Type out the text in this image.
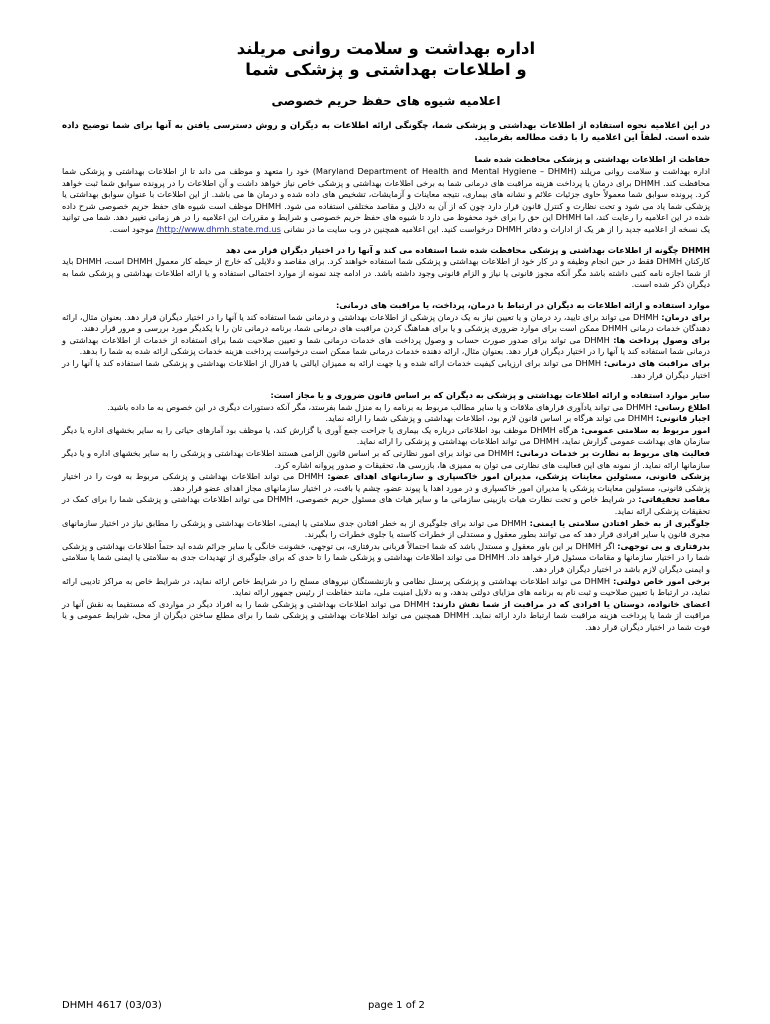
اداره بهداشت و سلامت روانی مریلند
و اطلاعات بهداشتی و پزشکی شما
اعلامیه شیوه های حفظ حریم خصوصی

در این اعلامیه نحوه استفاده از اطلاعات بهداشتی و پزشکی شما، چگونگی ارائه اطلاعات به دیگران و روش دسترسی یافتن به آنها برای شما توضیح داده شده است. لطفاً این اعلامیه را با دقت مطالعه بفرمایید.

حفاظت از اطلاعات بهداشتی و پزشکی محافظت شده شما

اداره بهداشت و سلامت روانی مریلند (Maryland Department of Health and Mental Hygiene – DHMH) خود را متعهد و موظف می داند تا از اطلاعات بهداشتی و پزشکی شما محافظت کند. DHMH برای درمان یا پرداخت هزینه مراقبت های درمانی شما به برخی اطلاعات بهداشتی و پزشکی خاص نیاز خواهد داشت و آن اطلاعات را در پرونده سوابق شما ثبت خواهد کرد. پرونده سوابق شما معمولاً حاوی جزئیات علائم و نشانه های بیماری، نتیجه معاینات و آزمایشات، تشخیص های داده شده و درمان ها می باشد. از این اطلاعات با عنوان سوابق بهداشتی یا پزشکی شما یاد می شود و تحت نظارت و کنترل قانون قرار دارد چون که از آن به دلایل و مقاصد مختلفی استفاده می شود. DHMH موظف است شیوه های حفظ حریم خصوصی شرح داده شده در این اعلامیه را رعایت کند، اما DHMH این حق را برای خود محفوظ می دارد تا شیوه های حفظ حریم خصوصی و شرایط و مقررات این اعلامیه را در هر زمانی تغییر دهد. شما می توانید یک نسخه از اعلامیه جدید را از هر یک از ادارات و دفاتر DHMH درخواست کنید. این اعلامیه همچنین در وب سایت ما در نشانی http://www.dhmh.state.md.us/ موجود است.

DHMH چگونه از اطلاعات بهداشتی و پزشکی محافظت شده شما استفاده می کند و آنها را در اختیار دیگران قرار می دهد

کارکنان DHMH فقط در حین انجام وظیفه و در کار خود از اطلاعات بهداشتی و پزشکی شما استفاده خواهند کرد. برای مقاصد و دلایلی که خارج از حیطه کار معمول DHMH است، DHMH باید از شما اجازه نامه کتبی داشته باشد مگر آنکه مجوز قانونی یا نیاز و الزام قانونی وجود داشته باشد. در ادامه چند نمونه از موارد احتمالی استفاده و یا ارائه اطلاعات بهداشتی و پزشکی شما به دیگران ذکر شده است.

موارد استفاده و ارائه اطلاعات به دیگران در ارتباط با درمان، پرداخت، یا مراقبت های درمانی:

برای درمان: DHMH می تواند برای تایید، رد درمان و یا تعیین نیاز به یک درمان پزشکی از اطلاعات بهداشتی و درمانی شما استفاده کند یا آنها را در اختیار دیگران قرار دهد. بعنوان مثال، ارائه دهندگان خدمات درمانی DHMH ممکن است برای موارد ضروری پزشکی و یا برای هماهنگ کردن مراقبت های درمانی شما، برنامه درمانی تان را با یکدیگر مورد بررسی و مرور قرار دهند.

برای وصول پرداخت ها: DHMH می تواند برای صدور صورت حساب و وصول پرداخت های خدمات درمانی شما و تعیین صلاحیت شما برای استفاده از خدمات از اطلاعات بهداشتی و درمانی شما استفاده کند یا آنها را در اختیار دیگران قرار دهد. بعنوان مثال، ارائه دهنده خدمات درمانی شما ممکن است درخواست پرداخت هزینه خدمات پزشکی ارائه شده به شما را بدهد.

برای مراقبت های درمانی: DHMH می تواند برای ارزیابی کیفیت خدمات ارائه شده و یا جهت ارائه به ممیزان ایالتی یا فدرال از اطلاعات بهداشتی و پزشکی شما استفاده کند یا آنها را در اختیار دیگران قرار دهد.

سایر موارد استفاده و ارائه اطلاعات بهداشتی و پزشکی به دیگران که بر اساس قانون ضروری و یا مجاز است:

اطلاع رسانی: DHMH می تواند یادآوری قرارهای ملاقات و یا سایر مطالب مربوط به برنامه را به منزل شما بفرستد، مگر آنکه دستورات دیگری در این خصوص به ما داده باشید.

اجبار قانونی: DHMH می تواند هرگاه بر اساس قانون لازم بود، اطلاعات بهداشتی و پزشکی شما را ارائه نماید.

امور مربوط به سلامتی عمومی: هرگاه DHMH موظف بود اطلاعاتی درباره یک بیماری یا جراحت جمع آوری یا گزارش کند، یا موظف بود آمارهای حیاتی را به سایر بخشهای اداره یا دیگر سازمان های بهداشت عمومی گزارش نماید، DHMH می تواند اطلاعات بهداشتی و پزشکی را ارائه نماید.

فعالیت های مربوط به نظارت بر خدمات درمانی: DHMH می تواند برای امور نظارتی که بر اساس قانون الزامی هستند اطلاعات بهداشتی و پزشکی را به سایر بخشهای اداره و یا دیگر سازمانها ارائه نماید. از نمونه های این فعالیت های نظارتی می توان به ممیزی ها، بازرسی ها، تحقیقات و صدور پروانه اشاره کرد.

پزشکی قانونی، مسئولین معاینات پزشکی، مدیران امور خاکسپاری و سازمانهای اهدای عضو: DHMH می تواند اطلاعات بهداشتی و پزشکی مربوط به فوت را در اختیار پزشکی قانونی، مسئولین معاینات پزشکی یا مدیران امور خاکسپاری و در مورد اهدا یا پیوند عضو، چشم یا بافت، در اختیار سازمانهای مجاز اهدای عضو قرار دهد.

مقاصد تحقیقاتی: در شرایط خاص و تحت نظارت هیات بازبینی سازمانی ما و سایر هیات های مسئول حریم خصوصی، DHMH می تواند اطلاعات بهداشتی و پزشکی شما را برای کمک در تحقیقات پزشکی ارائه نماید.

جلوگیری از به خطر افتادن سلامتی یا ایمنی: DHMH می تواند برای جلوگیری از به خطر افتادن جدی سلامتی یا ایمنی، اطلاعات بهداشتی و پزشکی را مطابق نیاز در اختیار سازمانهای مجری قانون یا سایر افرادی قرار دهد که می توانند بطور معقول و مستدلی از خطرات کاسته یا جلوی خطرات را بگیرند.

بدرفتاری و بی توجهی: اگر DHMH بر این باور معقول و مستدل باشد که شما احتمالاً قربانی بدرفتاری، بی توجهی، خشونت خانگی یا سایر جرائم شده اید حتماً اطلاعات بهداشتی و پزشکی شما را در اختیار سازمانها و مقامات مسئول قرار خواهد داد. DHMH می تواند اطلاعات بهداشتی و پزشکی شما را تا حدی که برای جلوگیری از تهدیدات جدی به سلامتی یا ایمنی شما یا سلامتی و ایمنی دیگران لازم باشد در اختیار دیگران قرار دهد.

برخی امور خاص دولتی: DHMH می تواند اطلاعات بهداشتی و پزشکی پرسنل نظامی و بازنشستگان نیروهای مسلح را در شرایط خاص ارائه نماید، در شرایط خاص به مراکز تادیبی ارائه نماید، در ارتباط با تعیین صلاحیت و ثبت نام به برنامه های مزایای دولتی بدهد، و به دلایل امنیت ملی، مانند حفاظت از رئیس جمهور ارائه نماید.

اعضای خانواده، دوستان یا افرادی که در مراقبت از شما نقش دارند: DHMH می تواند اطلاعات بهداشتی و پزشکی شما را به افراد دیگر در مواردی که مستقیما به نقش آنها در مراقبت از شما یا پرداخت هزینه مراقبت شما ارتباط دارد ارائه نماید. DHMH همچنین می تواند اطلاعات بهداشتی و پزشکی شما را برای مطلع ساختن دیگران از محل، شرایط عمومی و یا فوت شما در اختیار دیگران قرار دهد.

DHMH 4617 (03/03)	page 1 of 2
